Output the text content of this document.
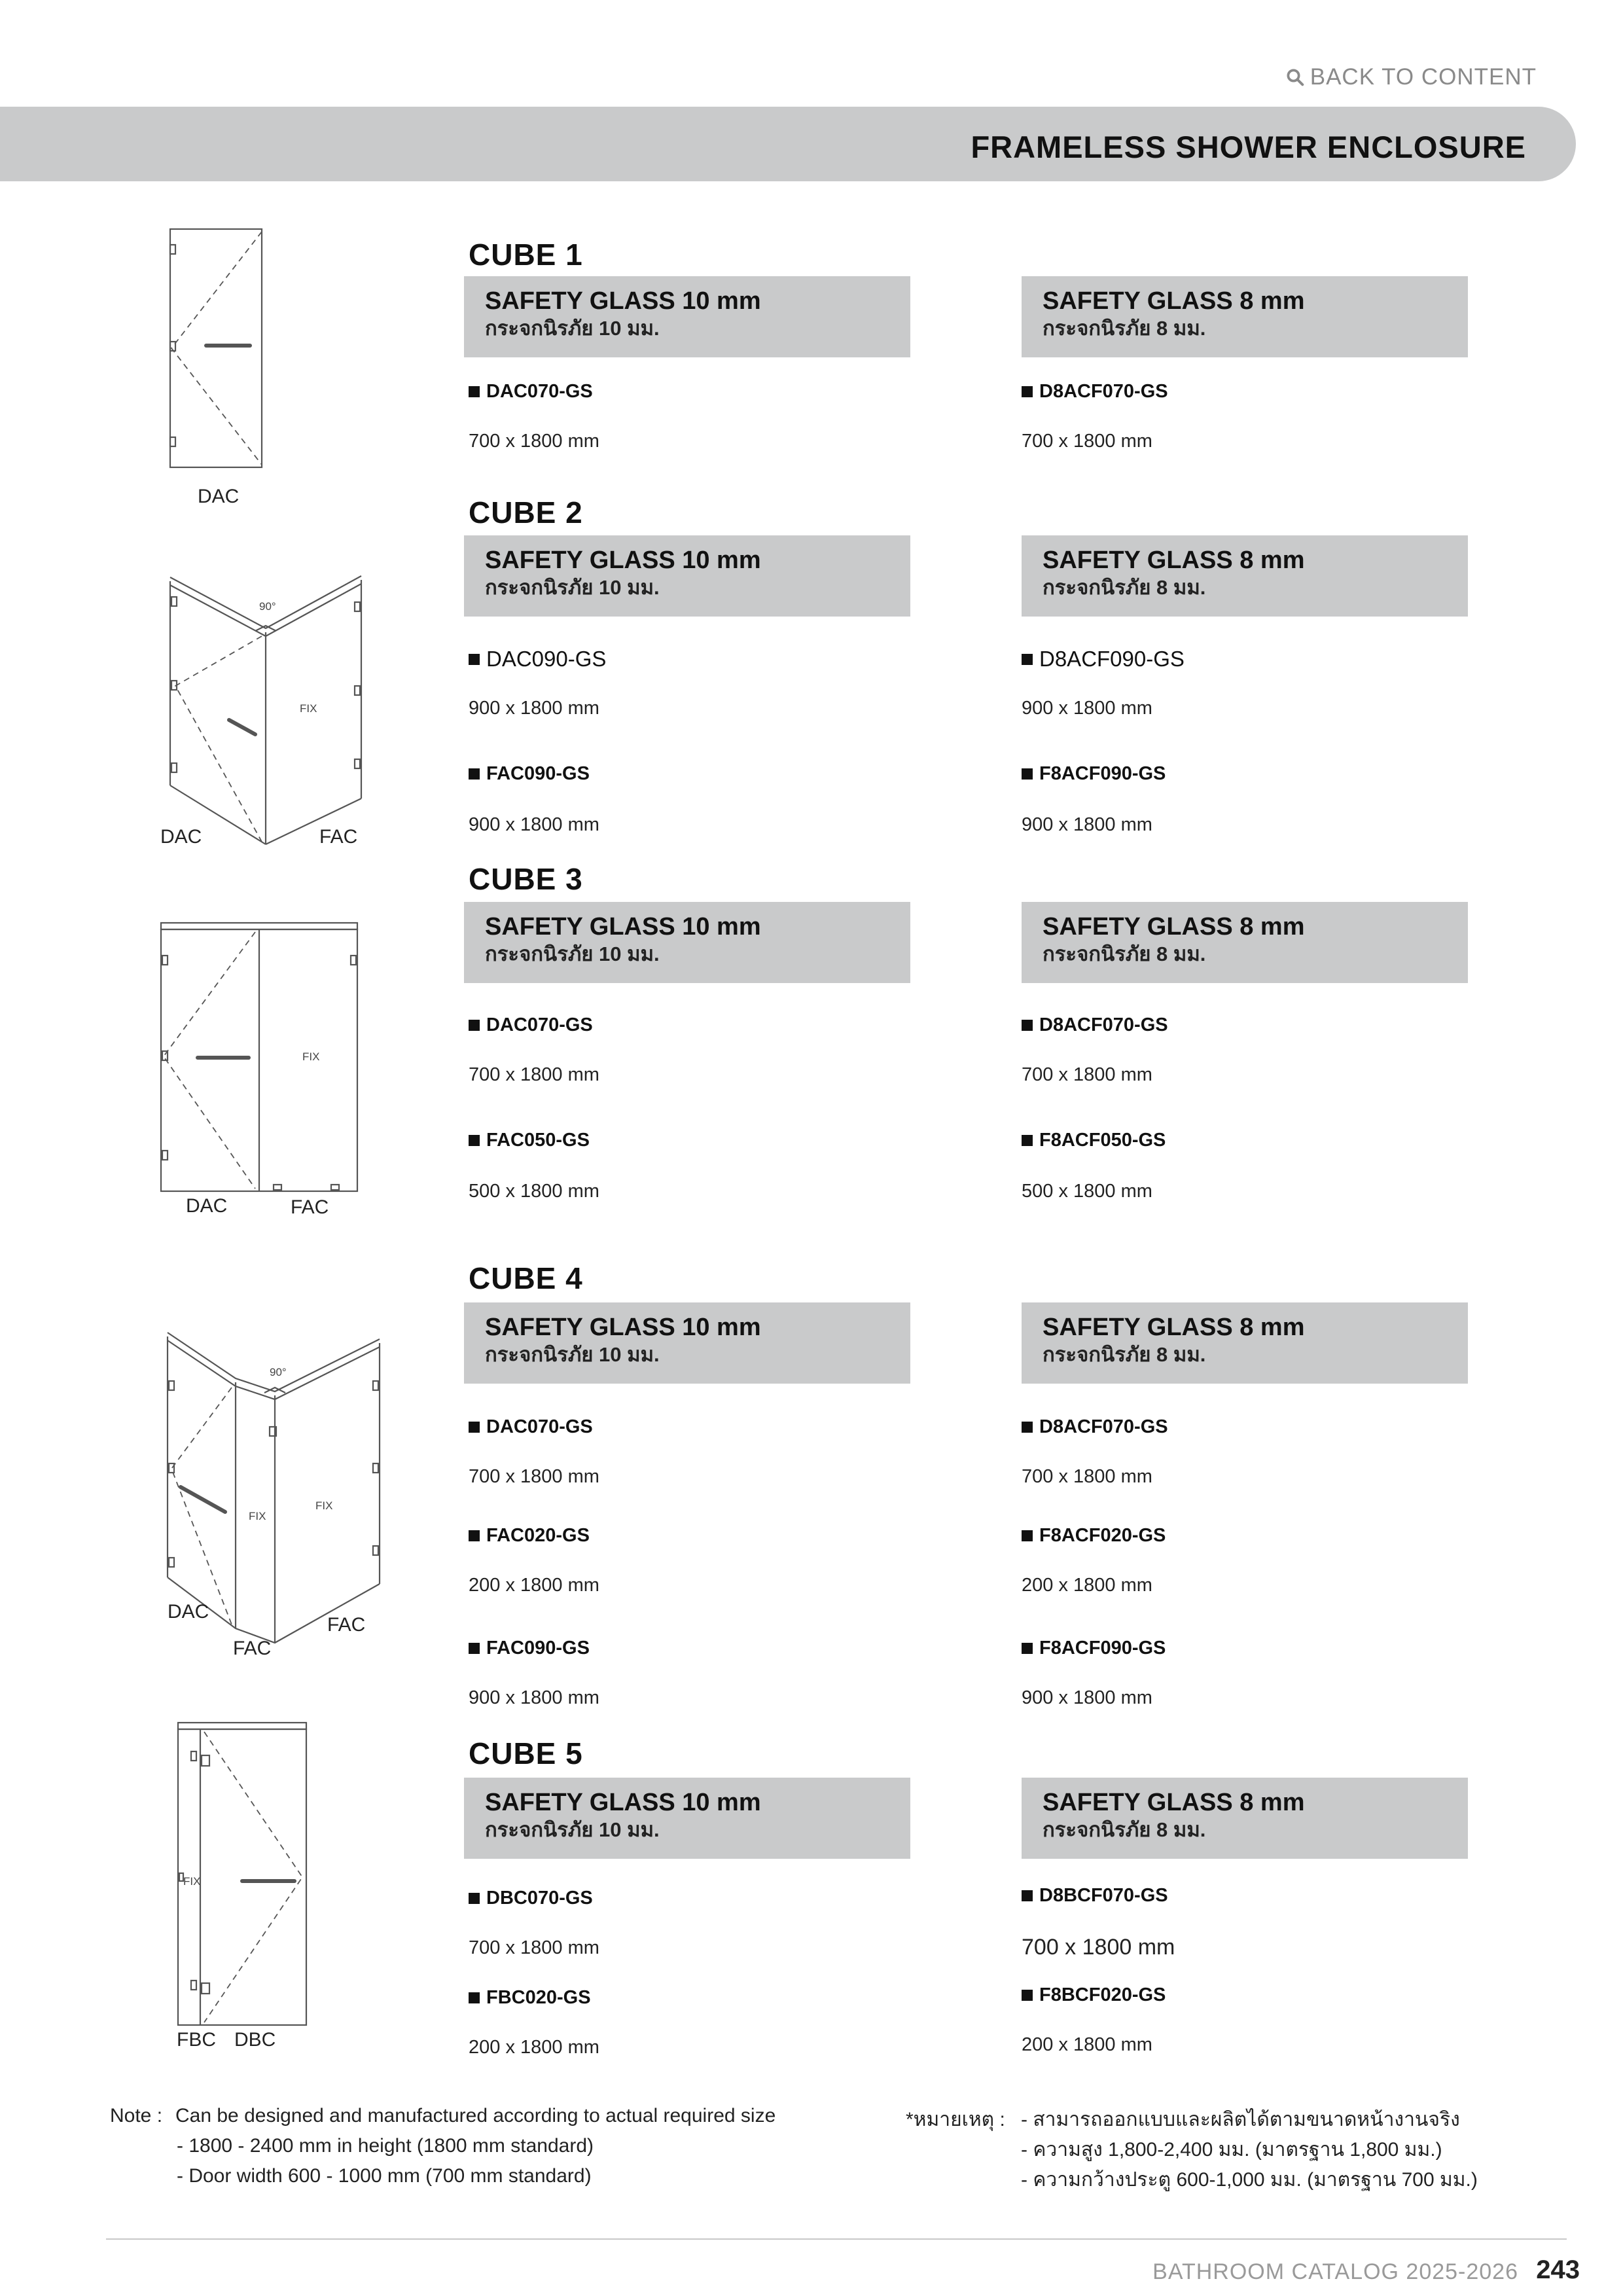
BACK TO CONTENT
FRAMELESS SHOWER ENCLOSURE
DAC
CUBE 1
SAFETY GLASS 10 mm
กระจกนิรภัย 10 มม.
SAFETY GLASS 8 mm
กระจกนิรภัย 8 มม.
DAC070-GS
700 x 1800 mm
D8ACF070-GS
700 x 1800 mm
90°
FIX
DAC	FAC
CUBE 2
SAFETY GLASS 10 mm
กระจกนิรภัย 10 มม.
SAFETY GLASS 8 mm
กระจกนิรภัย 8 มม.
DAC090-GS
900 x 1800 mm
D8ACF090-GS
900 x 1800 mm
FAC090-GS
900 x 1800 mm
F8ACF090-GS
900 x 1800 mm
FIX
DAC	FAC
CUBE 3
SAFETY GLASS 10 mm
กระจกนิรภัย 10 มม.
SAFETY GLASS 8 mm
กระจกนิรภัย 8 มม.
DAC070-GS
700 x 1800 mm
D8ACF070-GS
700 x 1800 mm
FAC050-GS
500 x 1800 mm
F8ACF050-GS
500 x 1800 mm
90°
FIX
FIX
DAC
FAC
FAC
CUBE 4
SAFETY GLASS 10 mm
กระจกนิรภัย 10 มม.
SAFETY GLASS 8 mm
กระจกนิรภัย 8 มม.
DAC070-GS
700 x 1800 mm
D8ACF070-GS
700 x 1800 mm
FAC020-GS
200 x 1800 mm
F8ACF020-GS
200 x 1800 mm
FAC090-GS
900 x 1800 mm
F8ACF090-GS
900 x 1800 mm
FIX
FBC DBC
CUBE 5
SAFETY GLASS 10 mm
กระจกนิรภัย 10 มม.
SAFETY GLASS 8 mm
กระจกนิรภัย 8 มม.
DBC070-GS
700 x 1800 mm
D8BCF070-GS
700 x 1800 mm
FBC020-GS
200 x 1800 mm
F8BCF020-GS
200 x 1800 mm
Note : Can be designed and manufactured according to actual required size
- 1800 - 2400 mm in height (1800 mm standard)
- Door width 600 - 1000 mm (700 mm standard)
*หมายเหตุ : - สามารถออกแบบและผลิตได้ตามขนาดหน้างานจริง
- ความสูง 1,800-2,400 มม. (มาตรฐาน 1,800 มม.)
- ความกว้างประตู 600-1,000 มม. (มาตรฐาน 700 มม.)
BATHROOM CATALOG 2025-2026 243
